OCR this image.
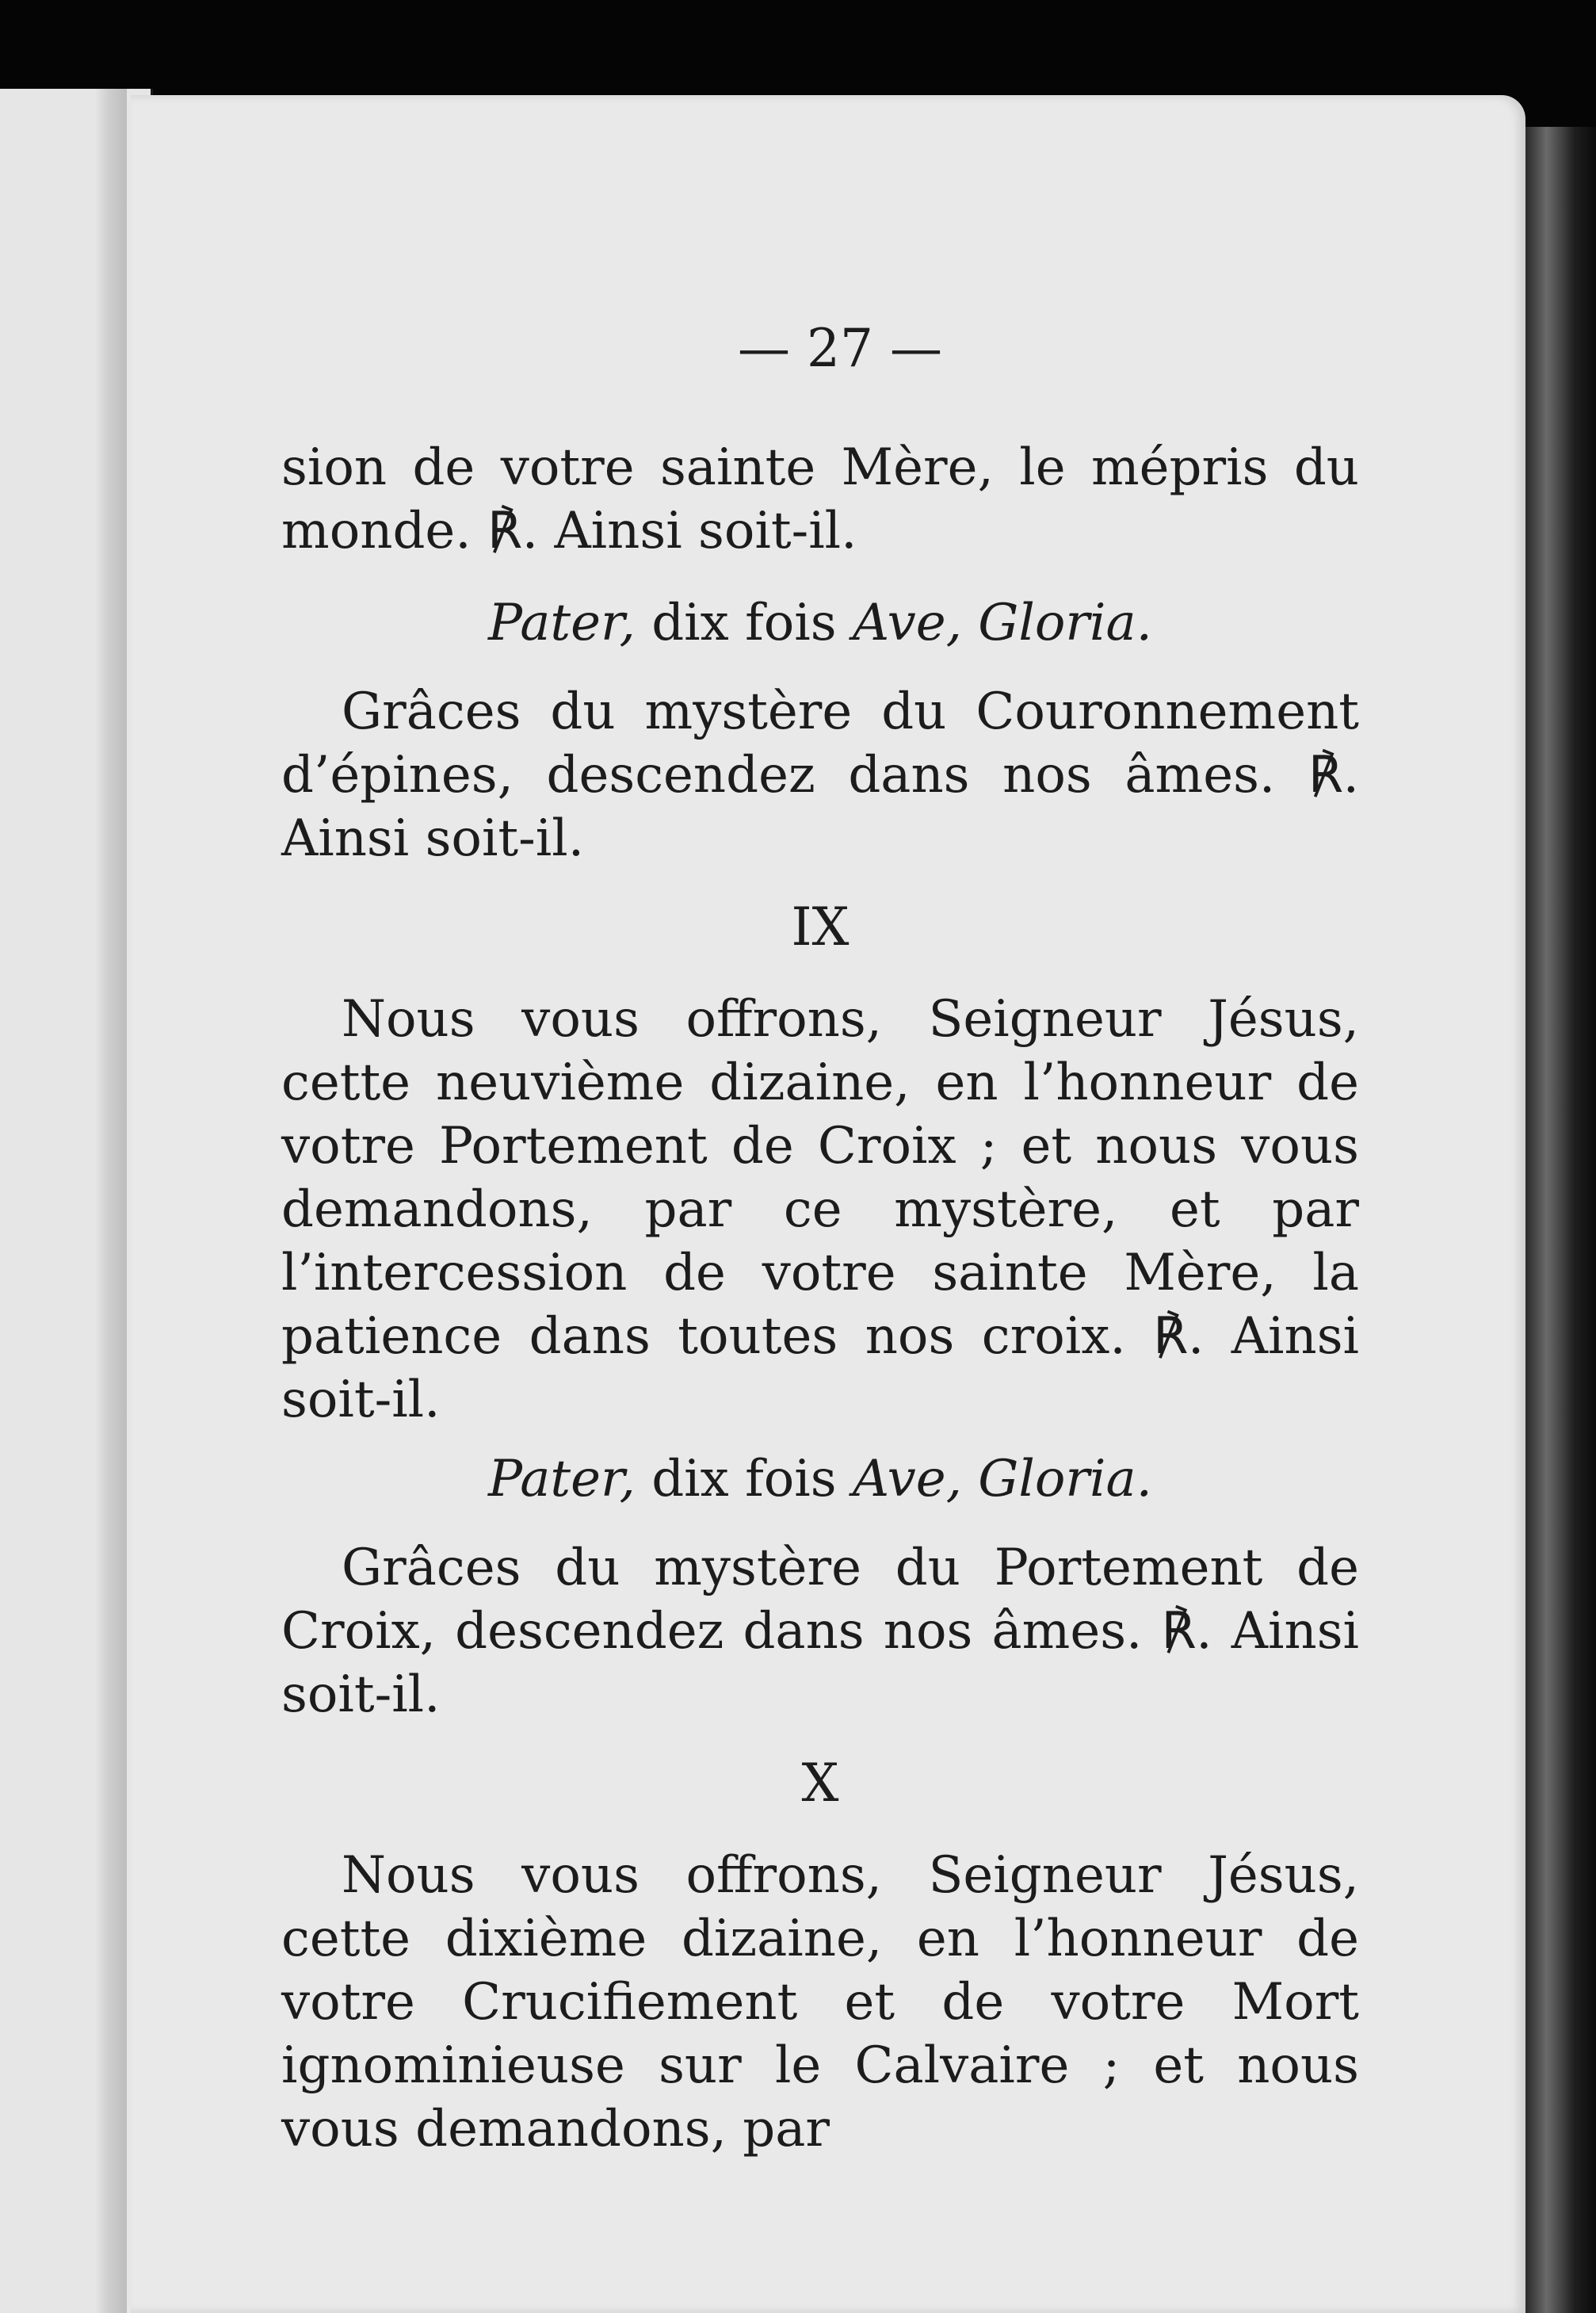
— 27 —

sion de votre sainte Mère, le mépris du monde. ℟. Ainsi soit-il.

Pater, dix fois Ave, Gloria.

Grâces du mystère du Couronnement d’épines, descendez dans nos âmes. ℟. Ainsi soit-il.

IX

Nous vous offrons, Seigneur Jésus, cette neuvième dizaine, en l’honneur de votre Portement de Croix ; et nous vous demandons, par ce mystère, et par l’intercession de votre sainte Mère, la patience dans toutes nos croix. ℟. Ainsi soit-il.

Pater, dix fois Ave, Gloria.

Grâces du mystère du Portement de Croix, descendez dans nos âmes. ℟. Ainsi soit-il.

X

Nous vous offrons, Seigneur Jésus, cette dixième dizaine, en l’honneur de votre Crucifiement et de votre Mort ignominieuse sur le Calvaire ; et nous vous demandons, par
